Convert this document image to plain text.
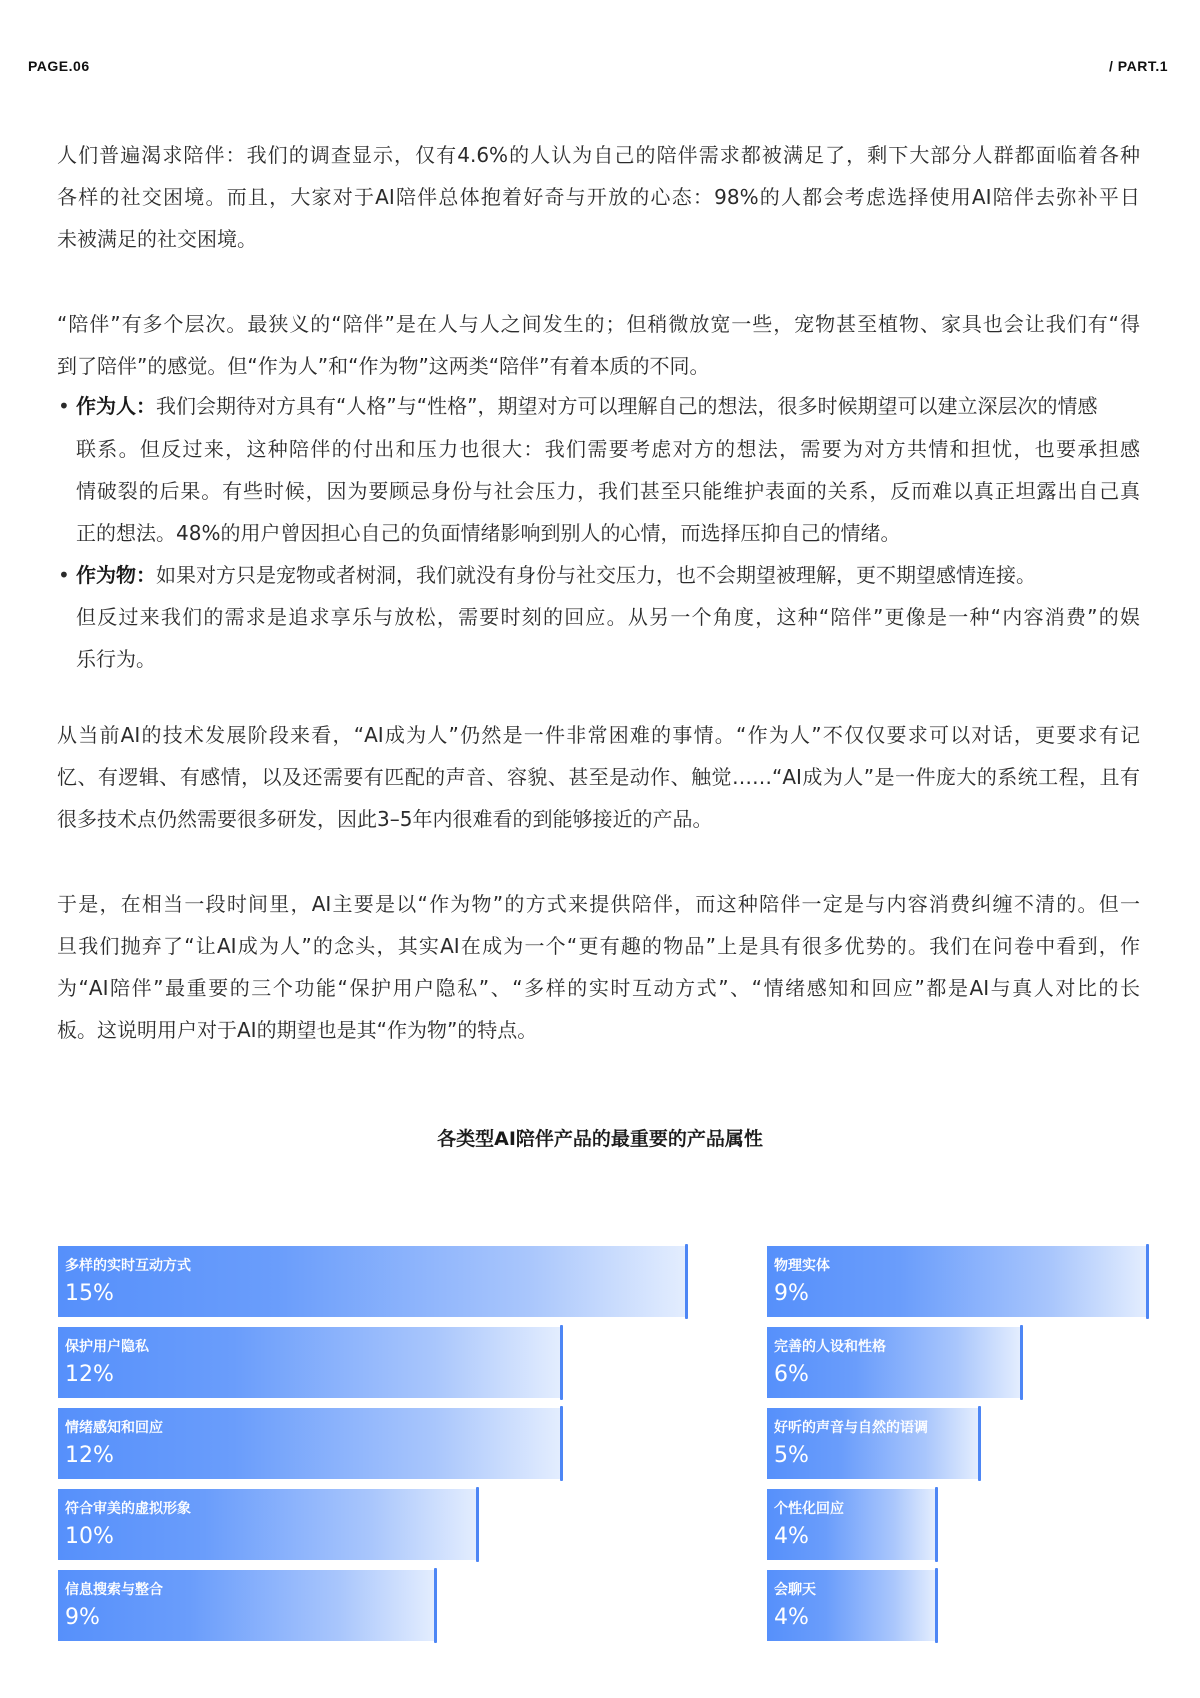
PAGE.06	/ PART.1
人们普遍渴求陪伴：我们的调查显示，仅有4.6%的人认为自己的陪伴需求都被满足了，剩下大部分人群都面临着各种
各样的社交困境。而且，大家对于AI陪伴总体抱着好奇与开放的心态：98%的人都会考虑选择使用AI陪伴去弥补平日
未被满足的社交困境。
“陪伴”有多个层次。最狭义的“陪伴”是在人与人之间发生的；但稍微放宽一些，宠物甚至植物、家具也会让我们有“得
到了陪伴”的感觉。但“作为人”和“作为物”这两类“陪伴”有着本质的不同。
• 作为人：我们会期待对方具有“人格”与“性格”，期望对方可以理解自己的想法，很多时候期望可以建立深层次的情感
联系。但反过来，这种陪伴的付出和压力也很大：我们需要考虑对方的想法，需要为对方共情和担忧，也要承担感
情破裂的后果。有些时候，因为要顾忌身份与社会压力，我们甚至只能维护表面的关系，反而难以真正坦露出自己真
正的想法。48%的用户曾因担心自己的负面情绪影响到别人的心情，而选择压抑自己的情绪。
• 作为物：如果对方只是宠物或者树洞，我们就没有身份与社交压力，也不会期望被理解，更不期望感情连接。
但反过来我们的需求是追求享乐与放松，需要时刻的回应。从另一个角度，这种“陪伴”更像是一种“内容消费”的娱
乐行为。
从当前AI的技术发展阶段来看，“AI成为人”仍然是一件非常困难的事情。“作为人”不仅仅要求可以对话，更要求有记
忆、有逻辑、有感情，以及还需要有匹配的声音、容貌、甚至是动作、触觉……“AI成为人”是一件庞大的系统工程，且有
很多技术点仍然需要很多研发，因此3–5年内很难看的到能够接近的产品。
于是，在相当一段时间里，AI主要是以“作为物”的方式来提供陪伴，而这种陪伴一定是与内容消费纠缠不清的。但一
旦我们抛弃了“让AI成为人”的念头，其实AI在成为一个“更有趣的物品”上是具有很多优势的。我们在问卷中看到，作
为“AI陪伴”最重要的三个功能“保护用户隐私”、“多样的实时互动方式”、“情绪感知和回应”都是AI与真人对比的长
板。这说明用户对于AI的期望也是其“作为物”的特点。
各类型AI陪伴产品的最重要的产品属性
多样的实时互动方式
15%
保护用户隐私
12%
情绪感知和回应
12%
符合审美的虚拟形象
10%
信息搜索与整合
9%
物理实体
9%
完善的人设和性格
6%
好听的声音与自然的语调
5%
个性化回应
4%
会聊天
4%
